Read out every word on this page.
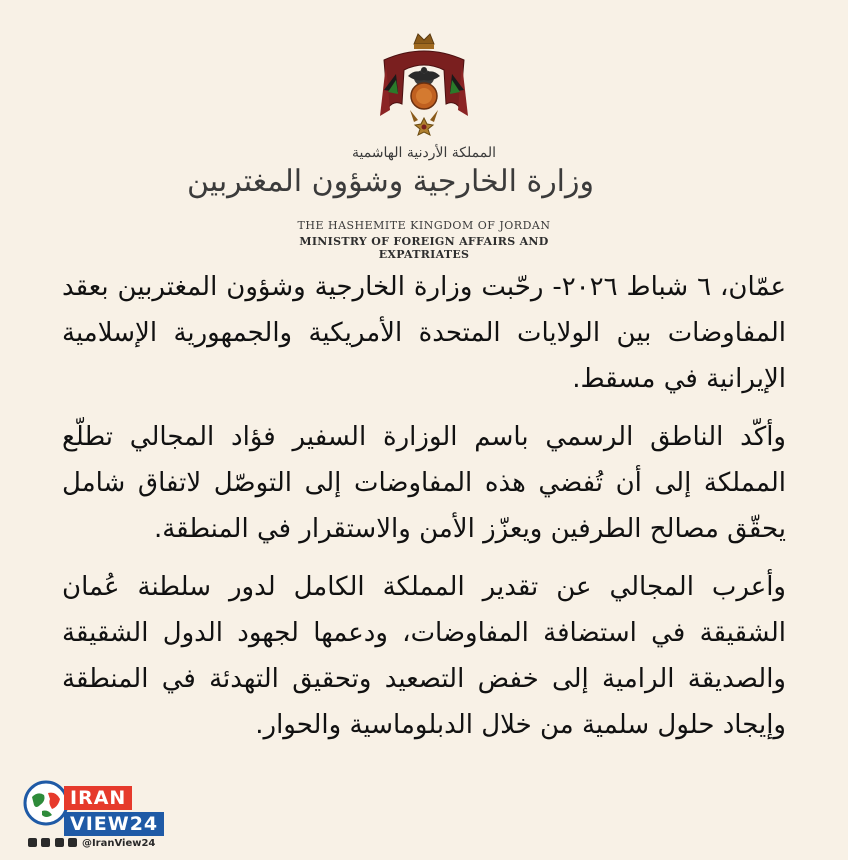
المملكة الأردنية الهاشمية
وزارة الخارجية وشؤون المغتربين
THE HASHEMITE KINGDOM OF JORDAN
MINISTRY OF FOREIGN AFFAIRS AND EXPATRIATES

عمّان، ٦ شباط ٢٠٢٦- رحّبت وزارة الخارجية وشؤون المغتربين بعقد المفاوضات بين الولايات المتحدة الأمريكية والجمهورية الإسلامية الإيرانية في مسقط.

وأكّد الناطق الرسمي باسم الوزارة السفير فؤاد المجالي تطلّع المملكة إلى أن تُفضي هذه المفاوضات إلى التوصّل لاتفاق شامل يحقّق مصالح الطرفين ويعزّز الأمن والاستقرار في المنطقة.

وأعرب المجالي عن تقدير المملكة الكامل لدور سلطنة عُمان الشقيقة في استضافة المفاوضات، ودعمها لجهود الدول الشقيقة والصديقة الرامية إلى خفض التصعيد وتحقيق التهدئة في المنطقة وإيجاد حلول سلمية من خلال الدبلوماسية والحوار.

IRAN
VIEW24
@IranView24
